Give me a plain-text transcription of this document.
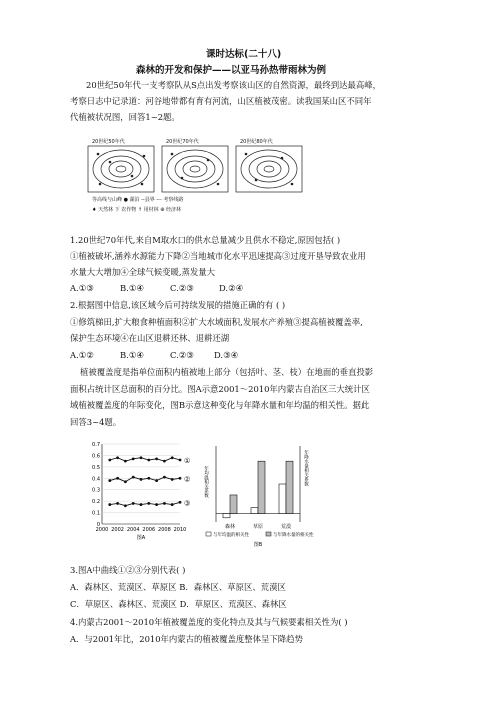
课时达标(二十八)
森林的开发和保护——以亚马孙热带雨林为例
20世纪50年代一支考察队从S点出发考察该山区的自然资源，最终到达最高峰，
考察日志中记录道：河谷地带都有育有河流，山区植被茂密。读我国某山区不同年
代植被状况图，回答1~2题。
20世纪50年代	20世纪70年代	20世纪80年代
等高线与山峰 ● 湖泊 --县界 --- 考察线路
♦ 天然林 下 农作物 ↑ 用材林 ⊕ 经济林
1.20世纪70年代,来自M取水口的供水总量减少且供水不稳定,原因包括( )
①植被破坏,涵养水源能力下降②当地城市化水平迅速提高③过度开垦导致农业用
水量大大增加④全球气候变暖,蒸发量大
A.①③	B.①④	C.②③	D.②④
2.根据图中信息,该区域今后可持续发展的措施正确的有 ( )
①修筑梯田,扩大粮食种植面积②扩大水域面积,发展水产养殖③提高植被覆盖率,
保护生态环境④在山区退耕还林、退耕还湖
A.①②	B.①④	C.②③ D.③④
植被覆盖度是指单位面积内植被地上部分（包括叶、茎、枝）在地面的垂直投影
面积占统计区总面积的百分比。图A示意2001～2010年内蒙古自治区三大统计区
域植被覆盖度的年际变化，图B示意这种变化与年降水量和年均温的相关性。据此
回答3~4题。
0
0.1
0.2
0.3
0.4
0.5
0.6
0.7
2000 2002 2004 2006 2008 2010
图A
①
②
③
森林	草原	荒漠
年均温相关系数	年降水量相关系数
与年均温的相关性	与年降水量的相关性
图B
3.图A中曲线①②③分别代表( )
A．森林区、荒漠区、草原区 B．森林区、草原区、荒漠区
C．草原区、森林区、荒漠区 D．草原区、荒漠区、森林区
4.内蒙古2001～2010年植被覆盖度的变化特点及其与气候要素相关性为( )
A．与2001年比，2010年内蒙古的植被覆盖度整体呈下降趋势
